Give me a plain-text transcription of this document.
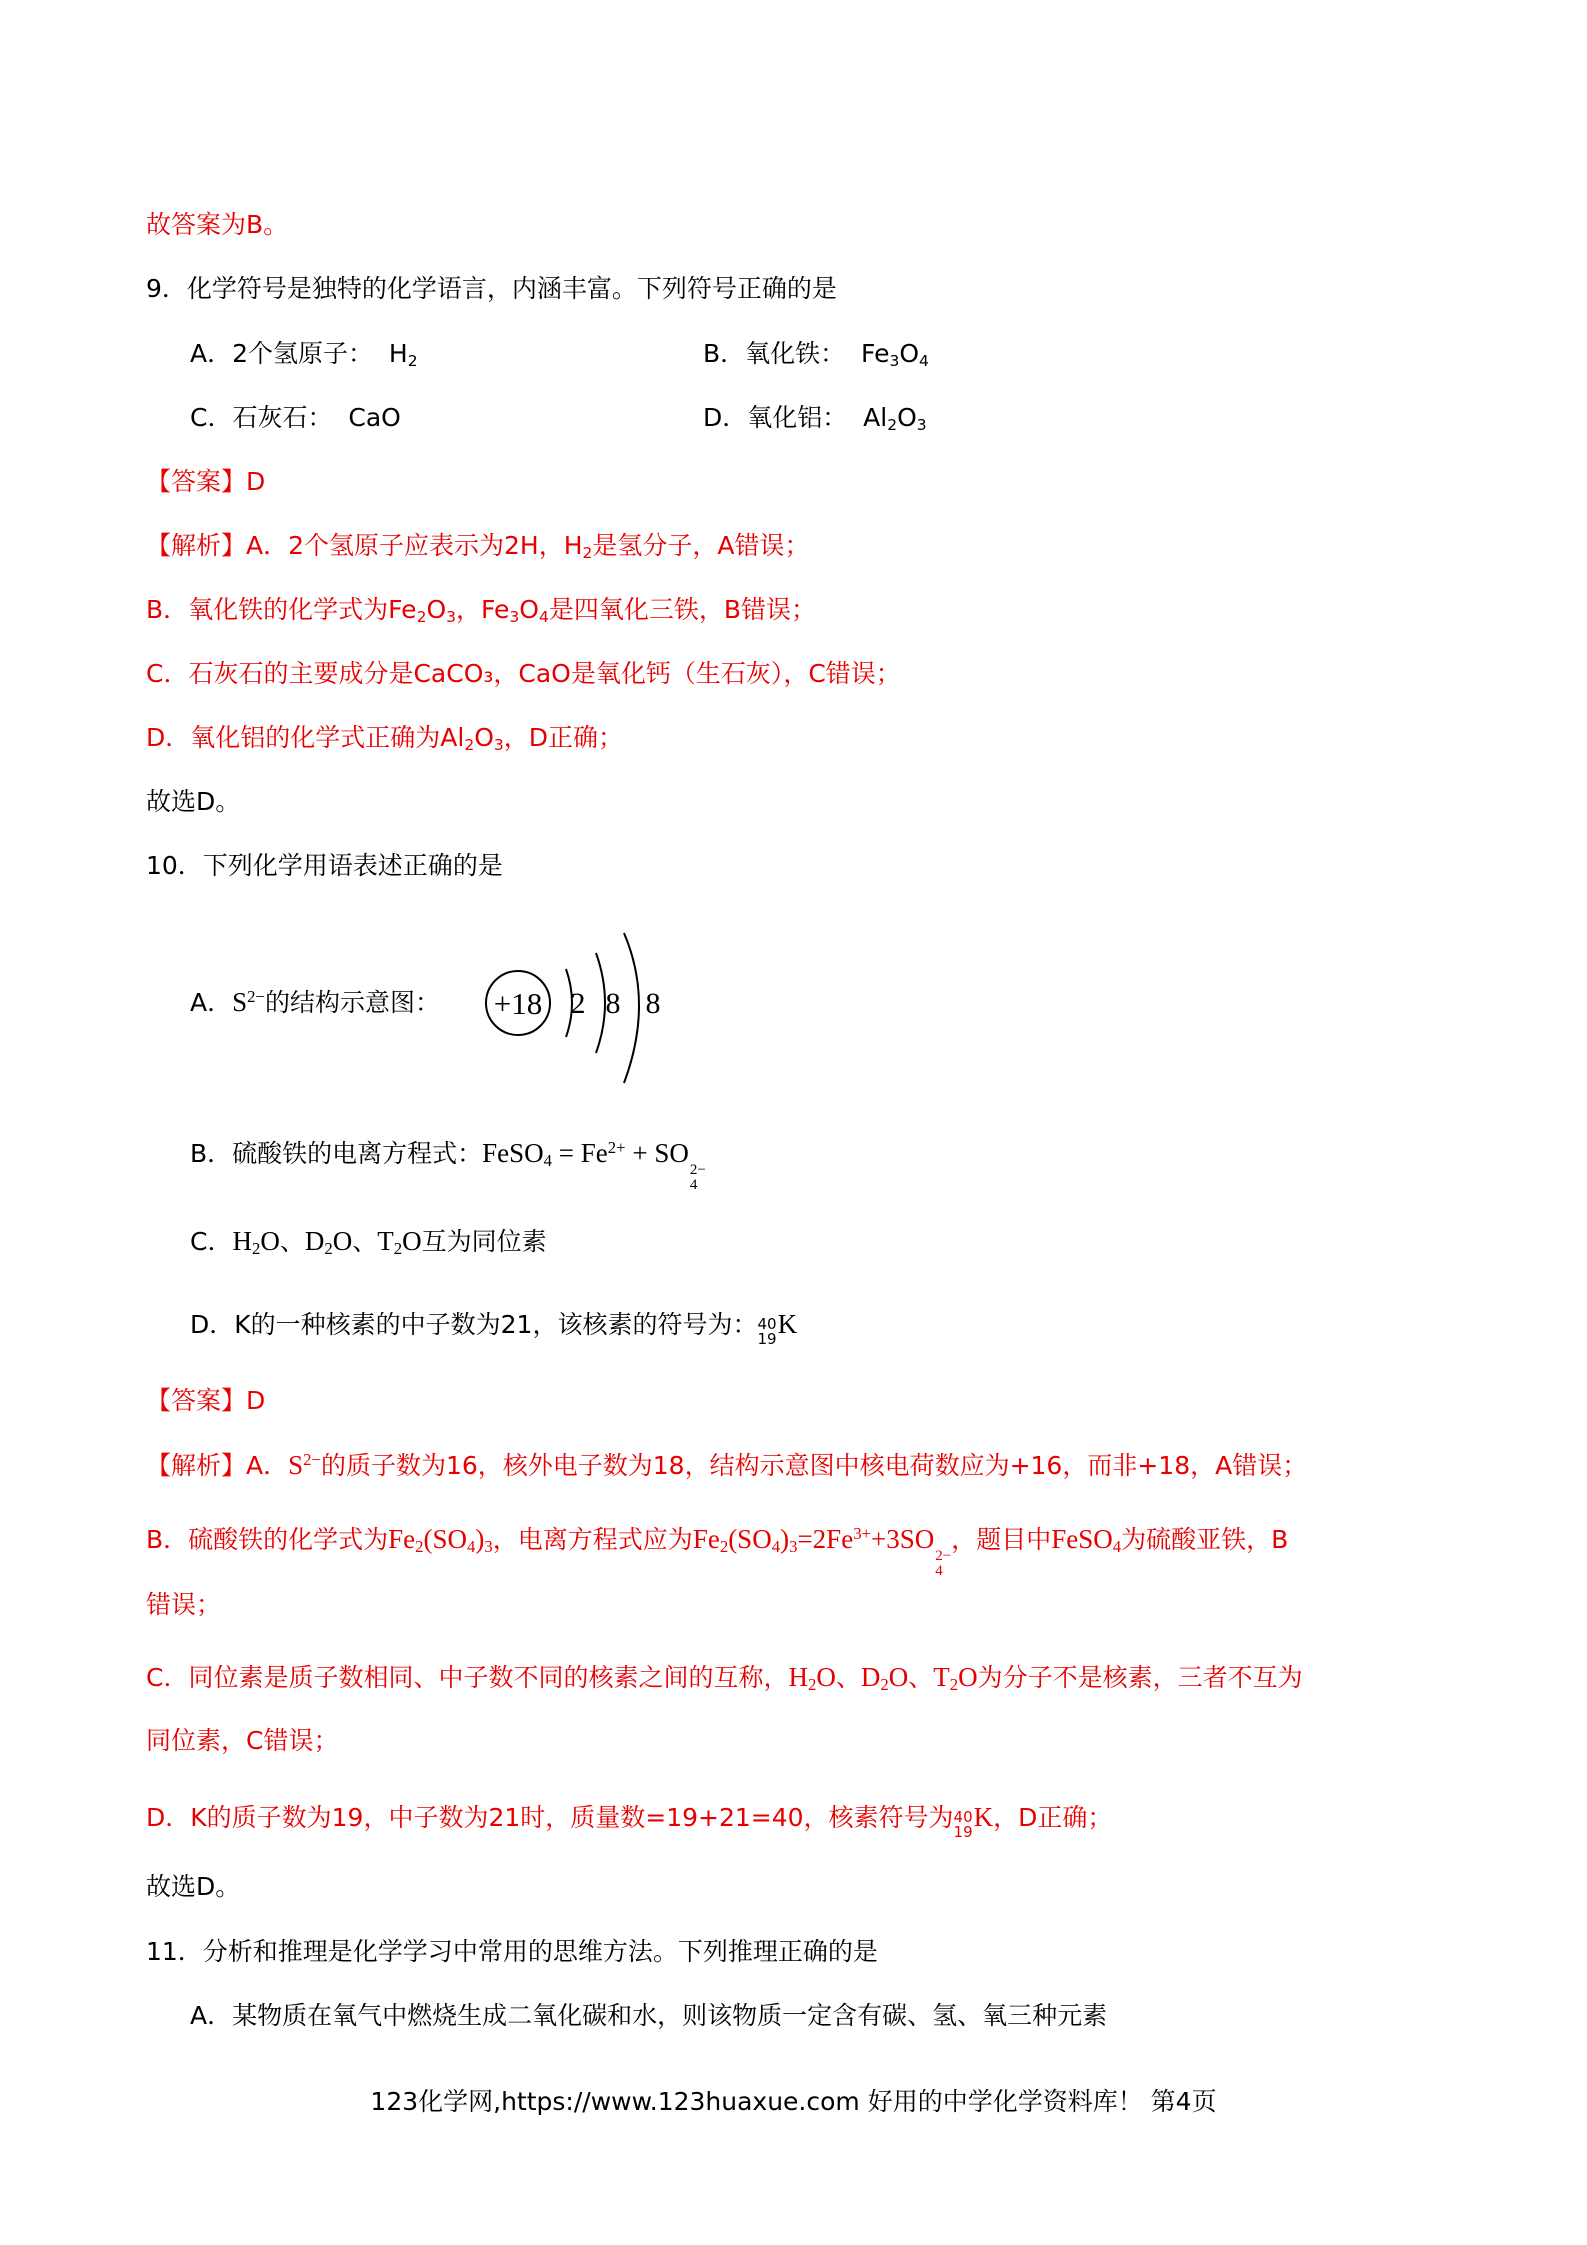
故答案为B。
9．化学符号是独特的化学语言，内涵丰富。下列符号正确的是
A．2个氢原子：  $H_2$	B．氧化铁：  $Fe_3O_4$
C．石灰石： CaO	D．氧化铝：  $Al_2O_3$
【答案】D
【解析】A．2个氢原子应表示为2H，$H_2$是氢分子，A错误；
B．氧化铁的化学式为$Fe_2O_3$，$Fe_3O_4$是四氧化三铁，B错误；
C．石灰石的主要成分是CaCO₃，CaO是氧化钙（生石灰），C错误；
D．氧化铝的化学式正确为$Al_2O_3$，D正确；
故选D。
10．下列化学用语表述正确的是
A．$S^{2-}$的结构示意图： +18 2 8 8
B．硫酸铁的电离方程式：FeSO$_4$ = $Fe^{2+}$ + SO
2−
4
C．$H_2O$、$D_2O$、$T_2O$互为同位素
D．K的一种核素的中子数为21，该核素的符号为： 40
19
K
【答案】D
【解析】A．$S^{2-}$的质子数为16，核外电子数为18，结构示意图中核电荷数应为+16，而非+18，A错误；
B．硫酸铁的化学式为$Fe_2(SO_4)_3$，电离方程式应为$Fe_2(SO_4)_3=2Fe^{3+}+3SO$
2−
4
，题目中FeSO$_4$为硫酸亚铁，B
错误；
C．同位素是质子数相同、中子数不同的核素之间的互称，$H_2O$、$D_2O$、$T_2O$为分子不是核素，三者不互为
同位素，C错误；
D．K的质子数为19，中子数为21时，质量数=19+21=40，核素符号为 40
19
K，D正确；
故选D。
11．分析和推理是化学学习中常用的思维方法。下列推理正确的是
A．某物质在氧气中燃烧生成二氧化碳和水，则该物质一定含有碳、氢、氧三种元素
123化学网,https://www.123huaxue.com 好用的中学化学资料库！ 第4页
